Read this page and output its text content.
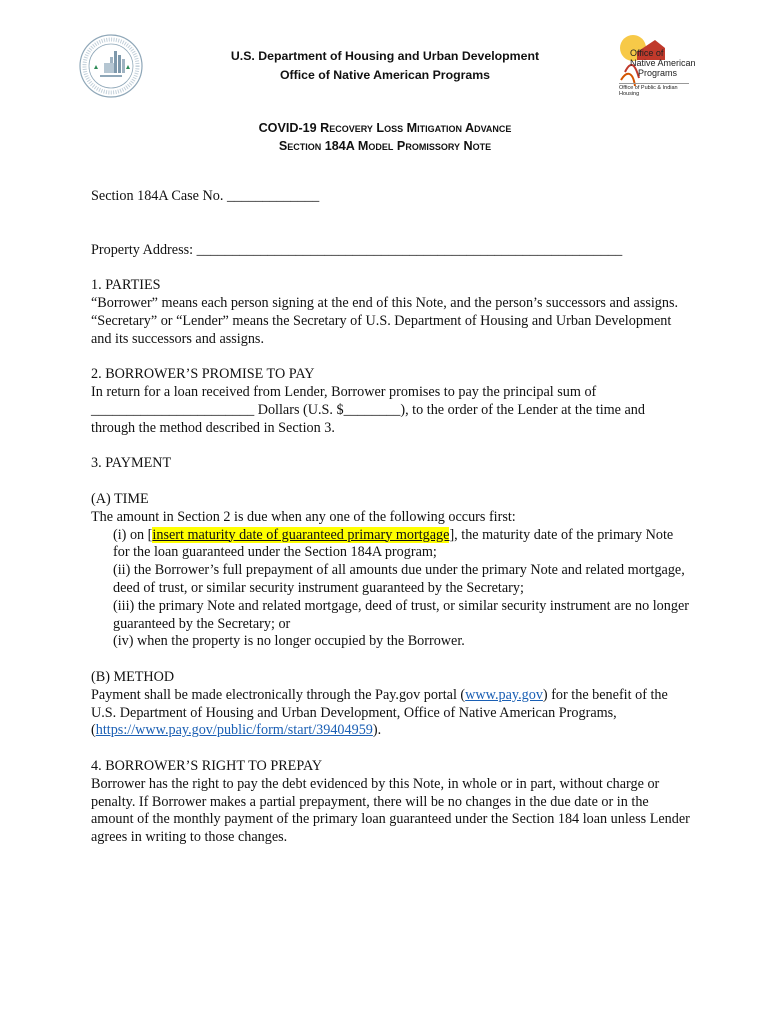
U.S. Department of Housing and Urban Development
Office of Native American Programs
Office of
Native American
Programs
Office of Public & Indian Housing
COVID-19 Recovery Loss Mitigation Advance
Section 184A Model Promissory Note

Section 184A Case No. _____________

Property Address: ____________________________________________________________

1. PARTIES

“Borrower” means each person signing at the end of this Note, and the person’s successors and assigns. “Secretary” or “Lender” means the Secretary of U.S. Department of Housing and Urban Development and its successors and assigns.

2. BORROWER’S PROMISE TO PAY

In return for a loan received from Lender, Borrower promises to pay the principal sum of _______________________ Dollars (U.S. $________), to the order of the Lender at the time and through the method described in Section 3.

3. PAYMENT

(A) TIME

The amount in Section 2 is due when any one of the following occurs first:

(i) on [insert maturity date of guaranteed primary mortgage], the maturity date of the primary Note for the loan guaranteed under the Section 184A program;

(ii) the Borrower’s full prepayment of all amounts due under the primary Note and related mortgage, deed of trust, or similar security instrument guaranteed by the Secretary;

(iii) the primary Note and related mortgage, deed of trust, or similar security instrument are no longer guaranteed by the Secretary; or

(iv) when the property is no longer occupied by the Borrower.

(B) METHOD

Payment shall be made electronically through the Pay.gov portal (www.pay.gov) for the benefit of the U.S. Department of Housing and Urban Development, Office of Native American Programs, (https://www.pay.gov/public/form/start/39404959).

4. BORROWER’S RIGHT TO PREPAY

Borrower has the right to pay the debt evidenced by this Note, in whole or in part, without charge or penalty. If Borrower makes a partial prepayment, there will be no changes in the due date or in the amount of the monthly payment of the primary loan guaranteed under the Section 184 loan unless Lender agrees in writing to those changes.
